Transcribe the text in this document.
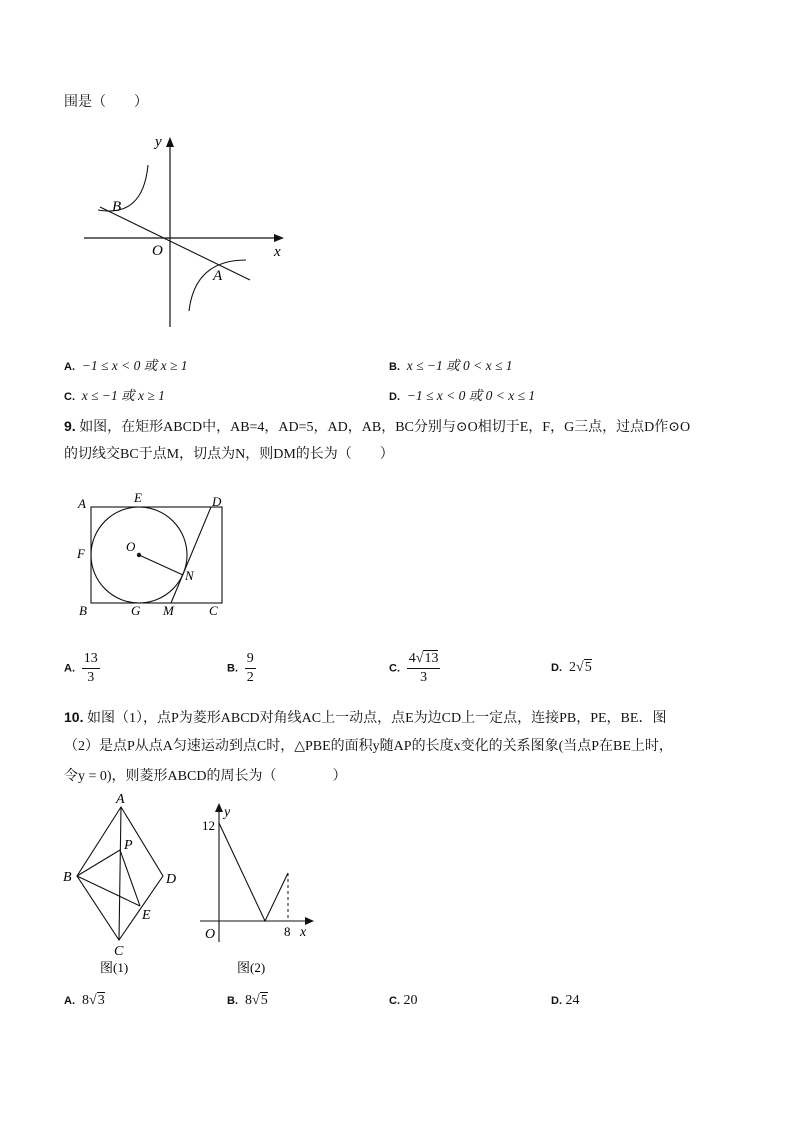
围是（　　）
y
x
O
B
A
A. −1 ≤ x < 0 或 x ≥ 1	B. x ≤ −1 或 0 < x ≤ 1
C. x ≤ −1 或 x ≥ 1	D. −1 ≤ x < 0 或 0 < x ≤ 1
9. 如图，在矩形ABCD中，AB=4，AD=5，AD，AB，BC分别与⊙O相切于E，F，G三点，过点D作⊙O
的切线交BC于点M，切点为N，则DM的长为（　　）
A	E	D
F	O
N
B	G M	C
A. $\frac{13}{3}$	B. $\frac{9}{2}$	C. $\frac{4√13}{3}$	D. 2√5
10. 如图（1），点P为菱形ABCD对角线AC上一动点，点E为边CD上一定点，连接PB，PE，BE．图
（2）是点P从点A匀速运动到点C时，△PBE的面积y随AP的长度x变化的关系图象(当点P在BE上时，
令y = 0)，则菱形ABCD的周长为（　　　　）
A
P
B	D
E
C
图(1)
y
12
O	8 x
图(2)
A. 8√3	B. 8√5	C. 20	D. 24
